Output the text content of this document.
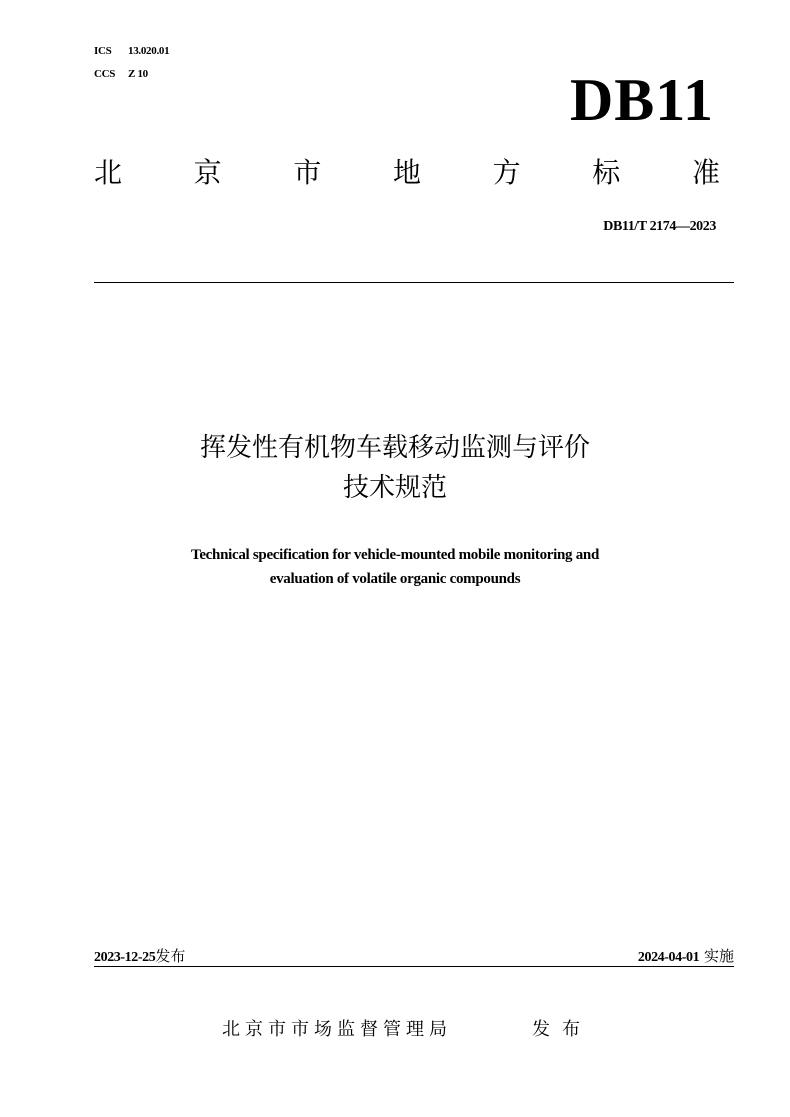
ICS 13.020.01
CCS Z 10	DB11
北	京	市	地	方	标	准
DB11/T 2174—2023
挥发性有机物车载移动监测与评价
技术规范
Technical specification for vehicle-mounted mobile monitoring and
evaluation of volatile organic compounds
2023-12-25发布	2024-04-01 实施
北京市市场监督管理局	发布
